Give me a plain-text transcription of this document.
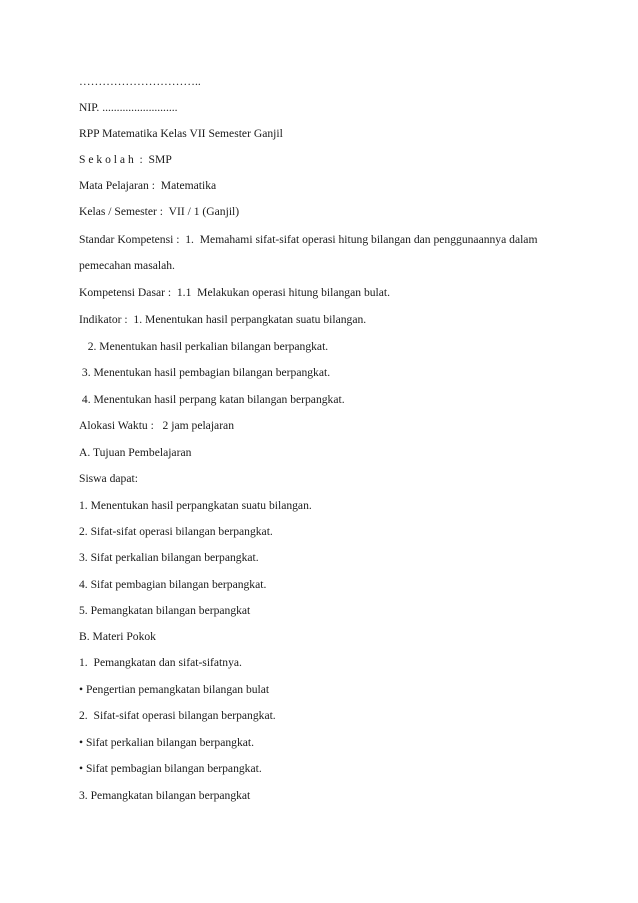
…………………………..
NIP. ..........................
RPP Matematika Kelas VII Semester Ganjil
S e k o l a h  :  SMP
Mata Pelajaran :  Matematika
Kelas / Semester :  VII / 1 (Ganjil)
Standar Kompetensi :  1.  Memahami sifat-sifat operasi hitung bilangan dan penggunaannya dalam
pemecahan masalah.
Kompetensi Dasar :  1.1  Melakukan operasi hitung bilangan bulat.
Indikator :  1. Menentukan hasil perpangkatan suatu bilangan.
2. Menentukan hasil perkalian bilangan berpangkat.
3. Menentukan hasil pembagian bilangan berpangkat.
4. Menentukan hasil perpang katan bilangan berpangkat.
Alokasi Waktu :   2 jam pelajaran
A. Tujuan Pembelajaran
Siswa dapat:
1. Menentukan hasil perpangkatan suatu bilangan.
2. Sifat-sifat operasi bilangan berpangkat.
3. Sifat perkalian bilangan berpangkat.
4. Sifat pembagian bilangan berpangkat.
5. Pemangkatan bilangan berpangkat
B. Materi Pokok
1.  Pemangkatan dan sifat-sifatnya.
• Pengertian pemangkatan bilangan bulat
2.  Sifat-sifat operasi bilangan berpangkat.
• Sifat perkalian bilangan berpangkat.
• Sifat pembagian bilangan berpangkat.
3. Pemangkatan bilangan berpangkat
